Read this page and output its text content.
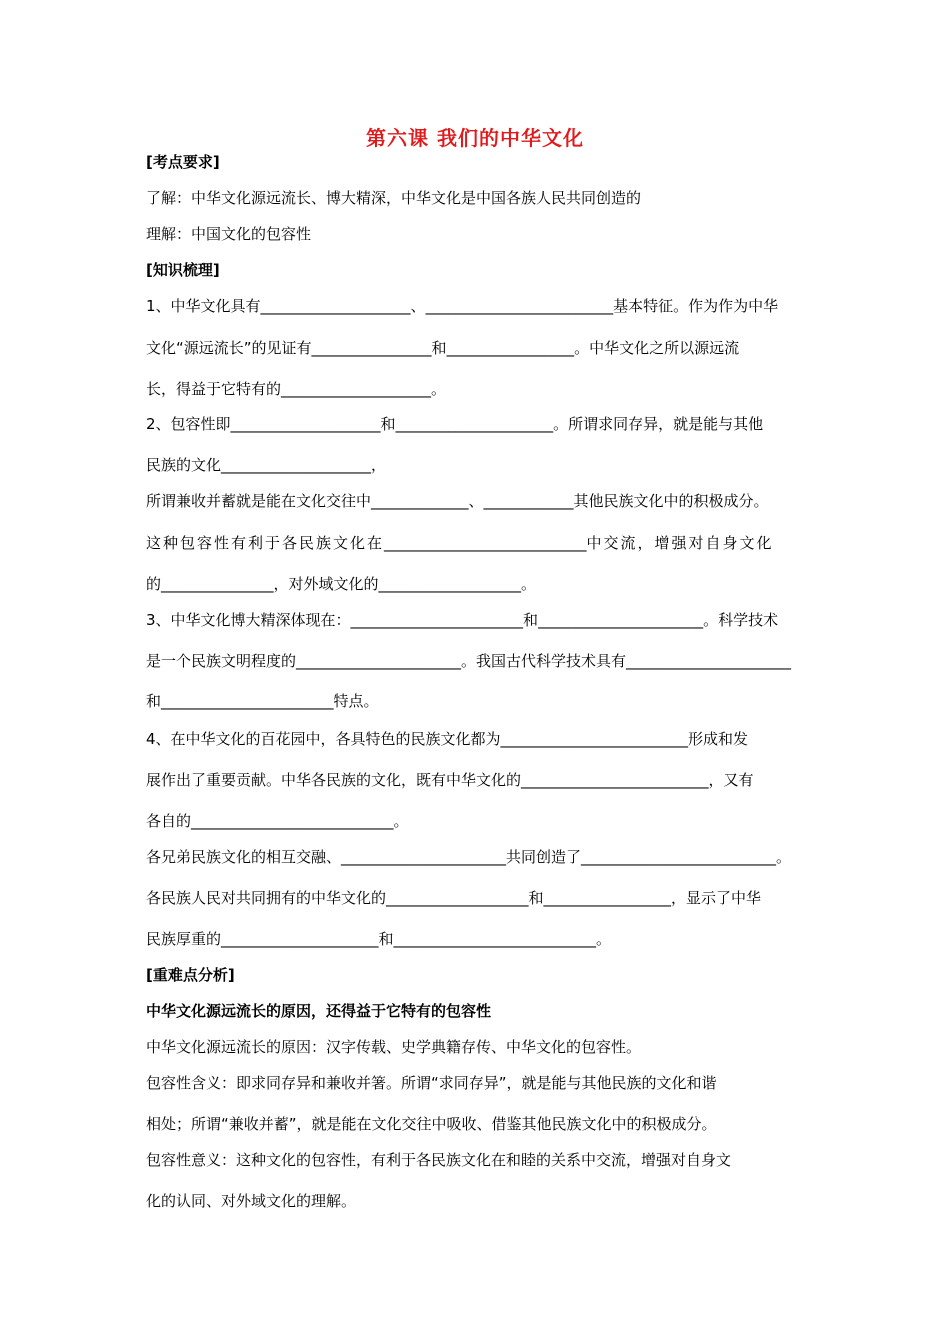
第六课 我们的中华文化
[考点要求]
了解：中华文化源远流长、博大精深，中华文化是中国各族人民共同创造的
理解：中国文化的包容性
[知识梳理]
1、中华文化具有____________________、_________________________基本特征。作为作为中华
文化“源远流长”的见证有________________和_________________。中华文化之所以源远流
长，得益于它特有的____________________。
2、包容性即____________________和_____________________。所谓求同存异，就是能与其他
民族的文化____________________，
所谓兼收并蓄就是能在文化交往中_____________、____________其他民族文化中的积极成分。
这种包容性有利于各民族文化在___________________________中交流，增强对自身文化
的_______________，对外域文化的___________________。
3、中华文化博大精深体现在：_______________________和______________________。科学技术
是一个民族文明程度的______________________。我国古代科学技术具有______________________
和_______________________特点。
4、在中华文化的百花园中，各具特色的民族文化都为_________________________形成和发
展作出了重要贡献。中华各民族的文化，既有中华文化的_________________________，又有
各自的___________________________。
各兄弟民族文化的相互交融、______________________共同创造了__________________________。
各民族人民对共同拥有的中华文化的___________________和_________________，显示了中华
民族厚重的_____________________和___________________________。
[重难点分析]
中华文化源远流长的原因，还得益于它特有的包容性
中华文化源远流长的原因：汉字传载、史学典籍存传、中华文化的包容性。
包容性含义：即求同存异和兼收并箸。所谓“求同存异”，就是能与其他民族的文化和谐
相处；所谓“兼收并蓄”，就是能在文化交往中吸收、借鉴其他民族文化中的积极成分。
包容性意义：这种文化的包容性，有利于各民族文化在和睦的关系中交流，增强对自身文
化的认同、对外域文化的理解。
